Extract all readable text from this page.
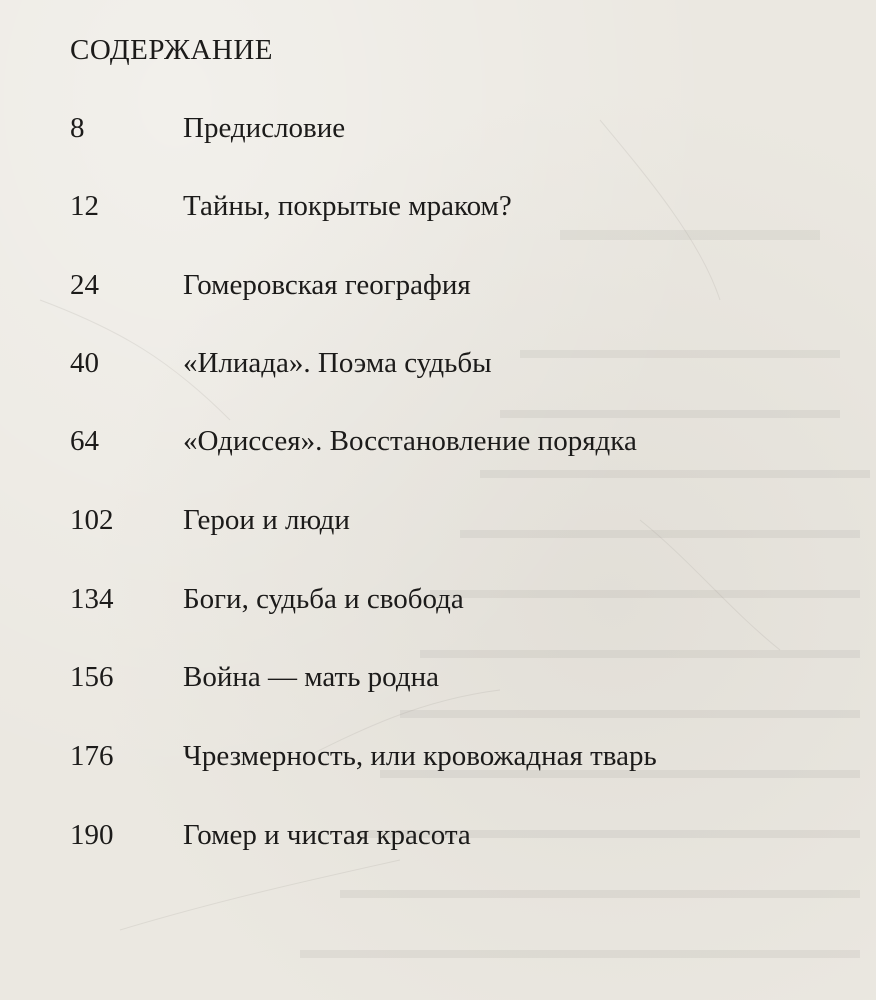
СОДЕРЖАНИЕ
8	Предисловие
12	Тайны, покрытые мраком?
24	Гомеровская география
40	«Илиада». Поэма судьбы
64	«Одиссея». Восстановление порядка
102 Герои и люди
134 Боги, судьба и свобода
156 Война — мать родна
176 Чрезмерность, или кровожадная тварь
190 Гомер и чистая красота
